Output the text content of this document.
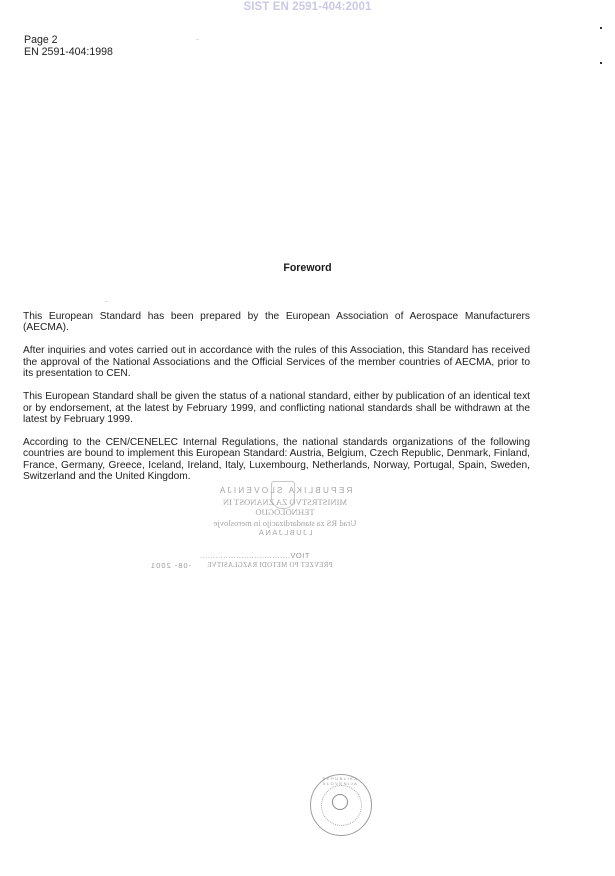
SIST EN 2591-404:2001
Page 2
EN 2591-404:1998
Foreword

This European Standard has been prepared by the European Association of Aerospace Manufacturers (AECMA).

After inquiries and votes carried out in accordance with the rules of this Association, this Standard has received the approval of the National Associations and the Official Services of the member countries of AECMA, prior to its presentation to CEN.

This European Standard shall be given the status of a national standard, either by publication of an identical text or by endorsement, at the latest by February 1999, and conflicting national standards shall be withdrawn at the latest by February 1999.

According to the CEN/CENELEC Internal Regulations, the national standards organizations of the following countries are bound to implement this European Standard: Austria, Belgium, Czech Republic, Denmark, Finland, France, Germany, Greece, Iceland, Ireland, Italy, Luxembourg, Netherlands, Norway, Portugal, Spain, Sweden, Switzerland and the United Kingdom.

REPUBLIKA SLOVENIJA
MINISTRSTVO ZA ZNANOST IN TEHNOLOGIJO
Urad RS za standardizacijo in meroslovje
LJUBLJANA
...................................VOIT
-08- 2001 PREVZET PO METODI RAZGLASITVE
REPUBLIKA SLOVENIJA
